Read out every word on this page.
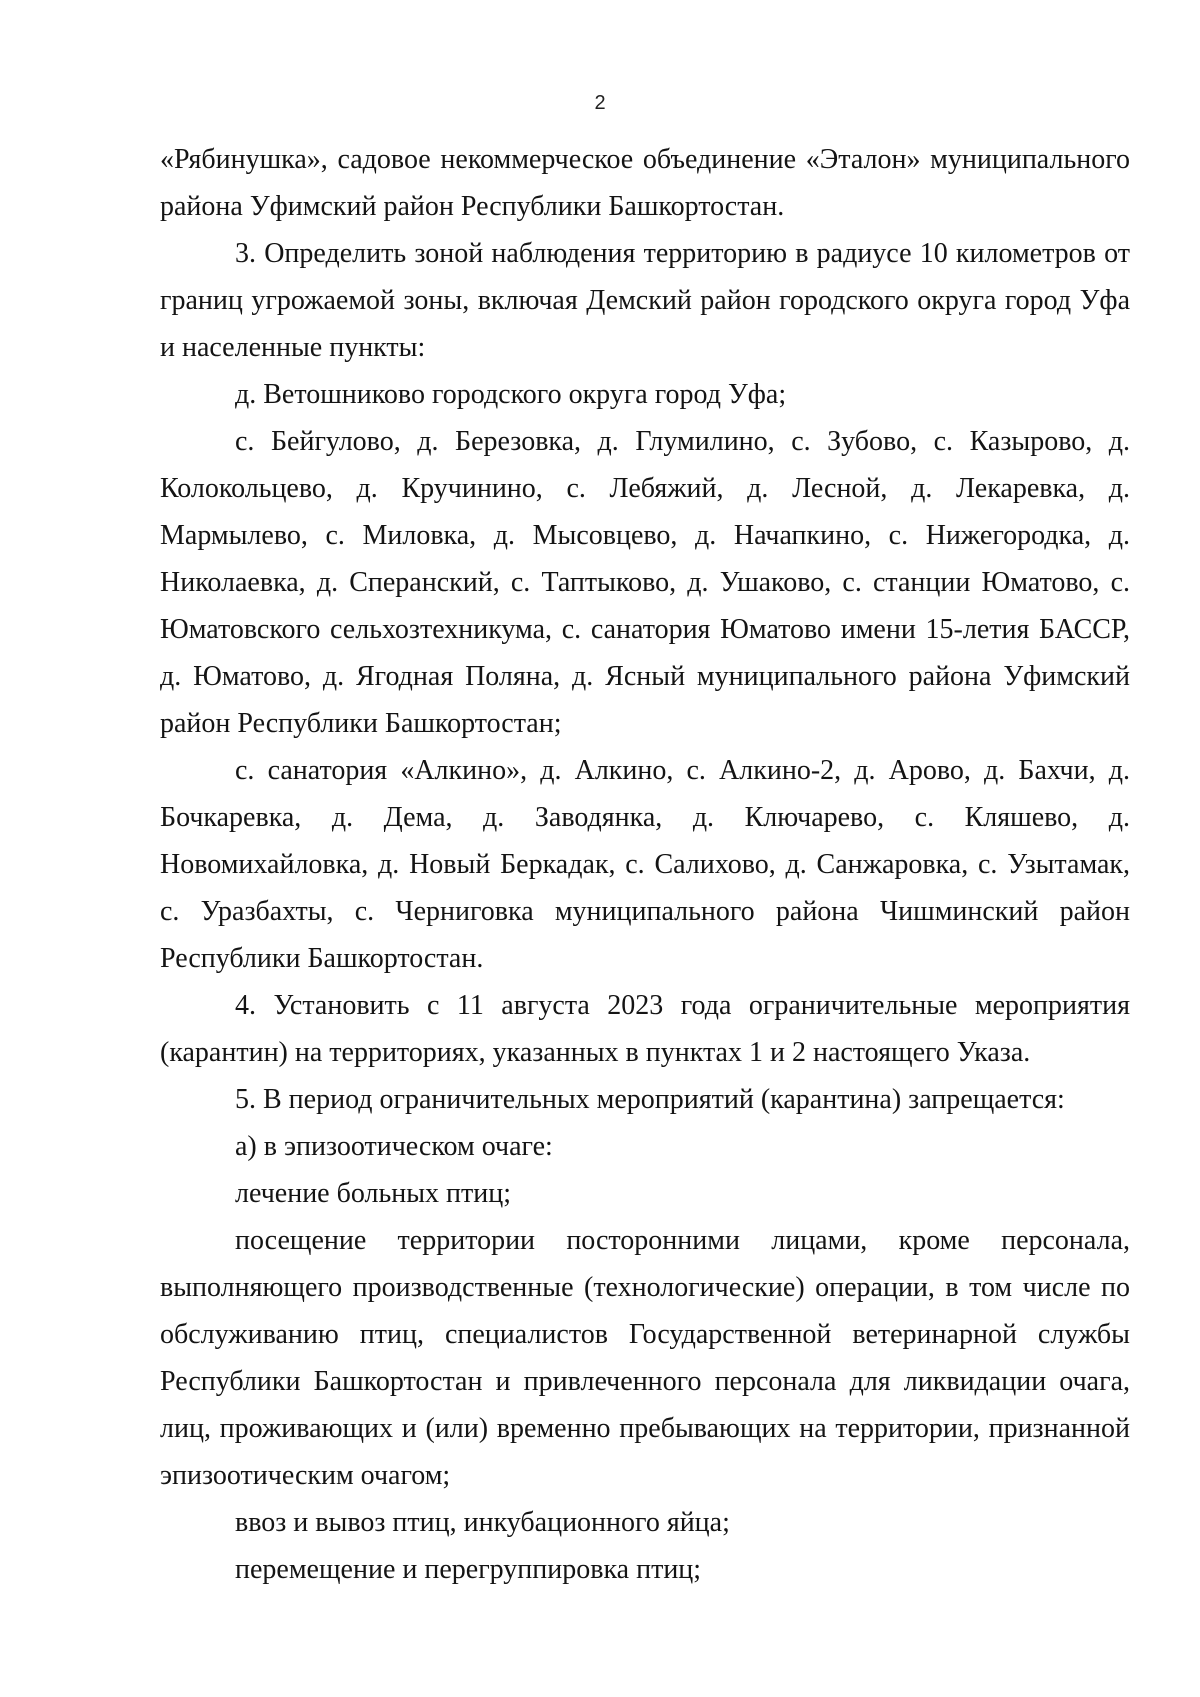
2

«Рябинушка», садовое некоммерческое объединение «Эталон» муниципального района Уфимский район Республики Башкортостан.

3. Определить зоной наблюдения территорию в радиусе 10 километров от границ угрожаемой зоны, включая Демский район городского округа город Уфа и населенные пункты:

д. Ветошниково городского округа город Уфа;

с. Бейгулово, д. Березовка, д. Глумилино, с. Зубово, с. Казырово, д. Колокольцево, д. Кручинино, с. Лебяжий, д. Лесной, д. Лекаревка, д. Мармылево, с. Миловка, д. Мысовцево, д. Начапкино, с. Нижегородка, д. Николаевка, д. Сперанский, с. Таптыково, д. Ушаково, с. станции Юматово, с. Юматовского сельхозтехникума, с. санатория Юматово имени 15-летия БАССР, д. Юматово, д. Ягодная Поляна, д. Ясный муниципального района Уфимский район Республики Башкортостан;

с. санатория «Алкино», д. Алкино, с. Алкино-2, д. Арово, д. Бахчи, д. Бочкаревка, д. Дема, д. Заводянка, д. Ключарево, с. Кляшево, д. Новомихайловка, д. Новый Беркадак, с. Салихово, д. Санжаровка, с. Узытамак, с. Уразбахты, с. Черниговка муниципального района Чишминский район Республики Башкортостан.

4. Установить с 11 августа 2023 года ограничительные мероприятия (карантин) на территориях, указанных в пунктах 1 и 2 настоящего Указа.

5. В период ограничительных мероприятий (карантина) запрещается:

а) в эпизоотическом очаге:

лечение больных птиц;

посещение территории посторонними лицами, кроме персонала, выполняющего производственные (технологические) операции, в том числе по обслуживанию птиц, специалистов Государственной ветеринарной службы Республики Башкортостан и привлеченного персонала для ликвидации очага, лиц, проживающих и (или) временно пребывающих на территории, признанной эпизоотическим очагом;

ввоз и вывоз птиц, инкубационного яйца;

перемещение и перегруппировка птиц;
